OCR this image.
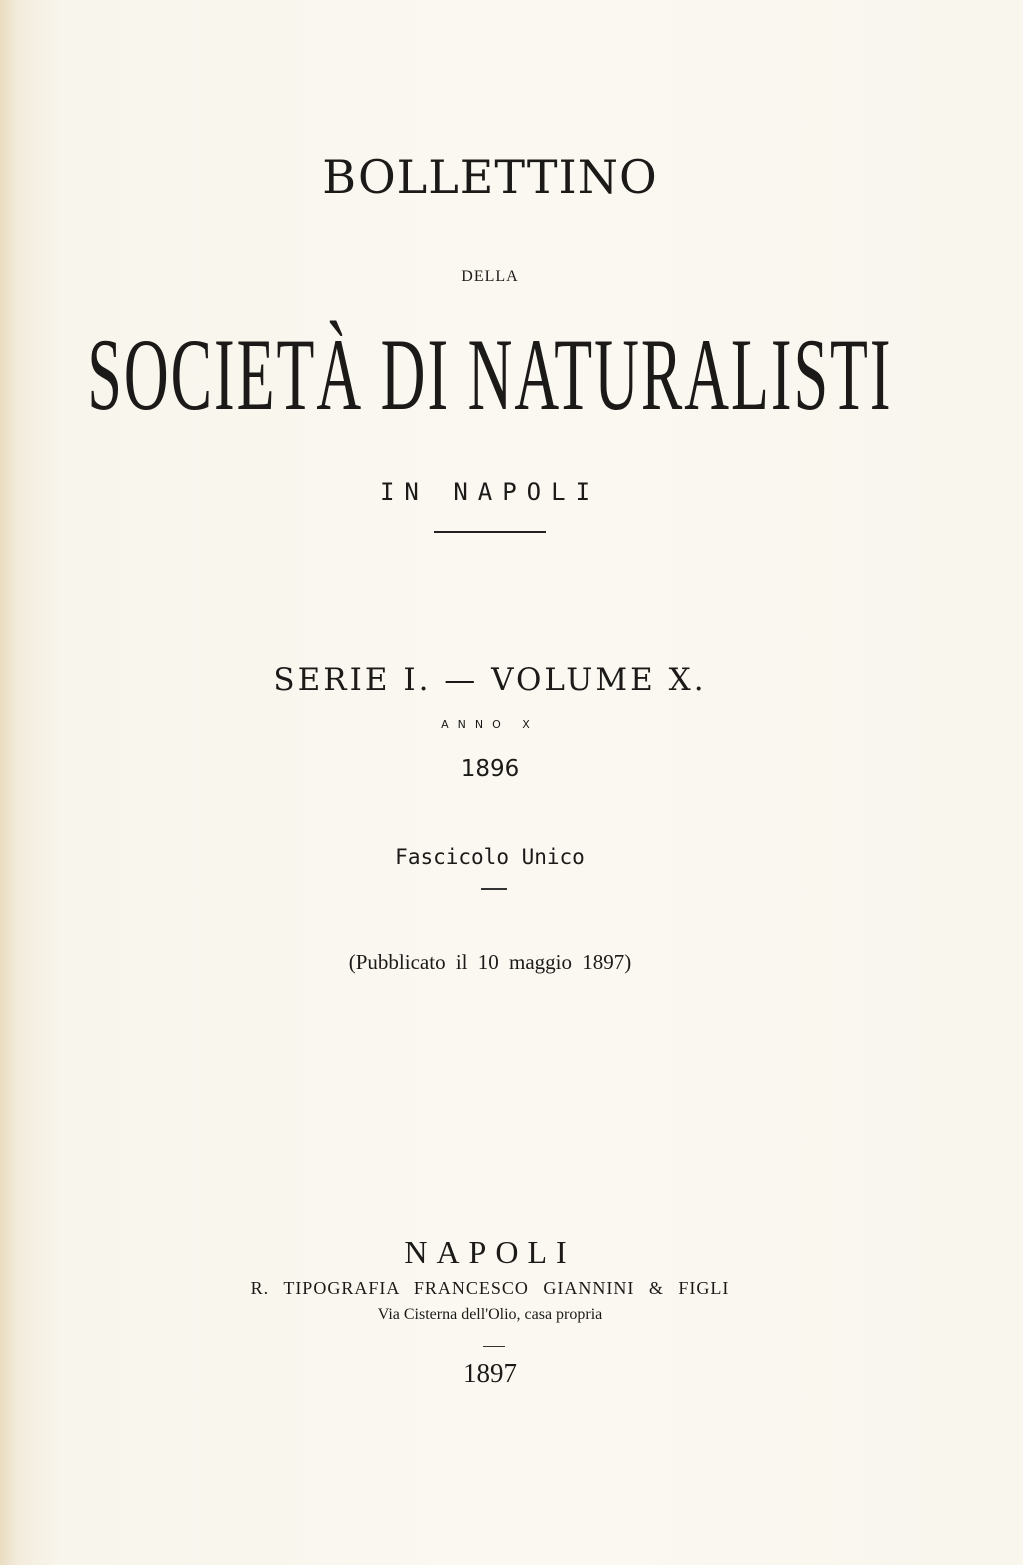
BOLLETTINO
DELLA
SOCIETÀ DI NATURALISTI
IN NAPOLI
SERIE I. — VOLUME X.
ANNO X
1896
Fascicolo Unico
(Pubblicato il 10 maggio 1897)
NAPOLI
R. TIPOGRAFIA FRANCESCO GIANNINI & FIGLI
Via Cisterna dell'Olio, casa propria
1897
